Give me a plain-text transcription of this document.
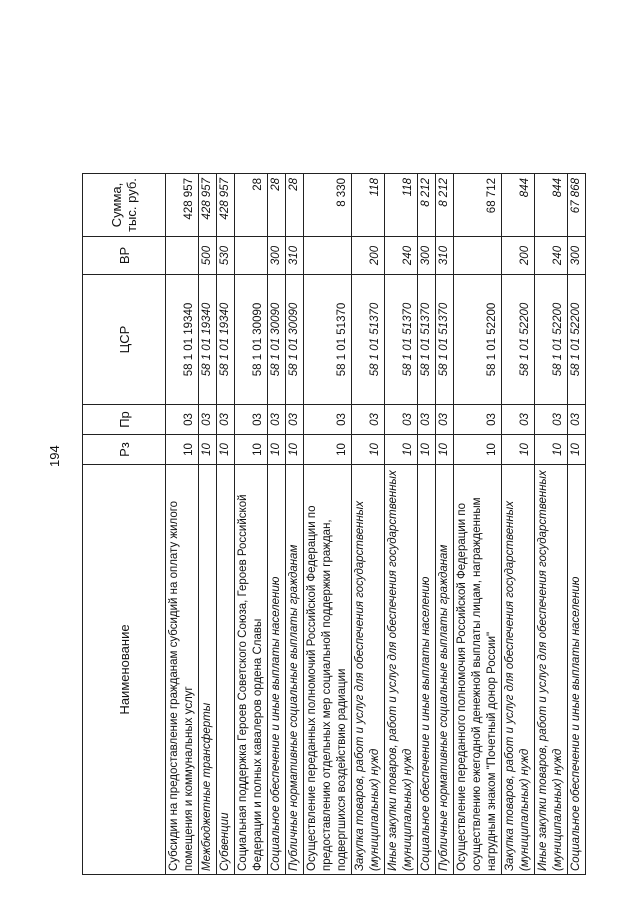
194
Наименование	Рз	Пр	ЦСР	ВР	Сумма, тыс. руб.
Субсидии на предоставление гражданам субсидий на оплату жилого помещения и коммунальных услуг	10	03	58 1 01 19340		428 957
Межбюджетные трансферты	10	03	58 1 01 19340	500	428 957
Субвенции	10	03	58 1 01 19340	530	428 957
Социальная поддержка Героев Советского Союза, Героев Российской Федерации и полных кавалеров ордена Славы	10	03	58 1 01 30090		28
Социальное обеспечение и иные выплаты населению	10	03	58 1 01 30090	300	28
Публичные нормативные социальные выплаты гражданам	10	03	58 1 01 30090	310	28
Осуществление переданных полномочий Российской Федерации по предоставлению отдельных мер социальной поддержки граждан, подвергшихся воздействию радиации	10	03	58 1 01 51370		8 330
Закупка товаров, работ и услуг для обеспечения государственных (муниципальных) нужд	10	03	58 1 01 51370	200	118
Иные закупки товаров, работ и услуг для обеспечения государственных (муниципальных) нужд	10	03	58 1 01 51370	240	118
Социальное обеспечение и иные выплаты населению	10	03	58 1 01 51370	300	8 212
Публичные нормативные социальные выплаты гражданам	10	03	58 1 01 51370	310	8 212
Осуществление переданного полномочия Российской Федерации по осуществлению ежегодной денежной выплаты лицам, награжденным нагрудным знаком "Почетный донор России"	10	03	58 1 01 52200		68 712
Закупка товаров, работ и услуг для обеспечения государственных (муниципальных) нужд	10	03	58 1 01 52200	200	844
Иные закупки товаров, работ и услуг для обеспечения государственных (муниципальных) нужд	10	03	58 1 01 52200	240	844
Социальное обеспечение и иные выплаты населению	10	03	58 1 01 52200	300	67 868
